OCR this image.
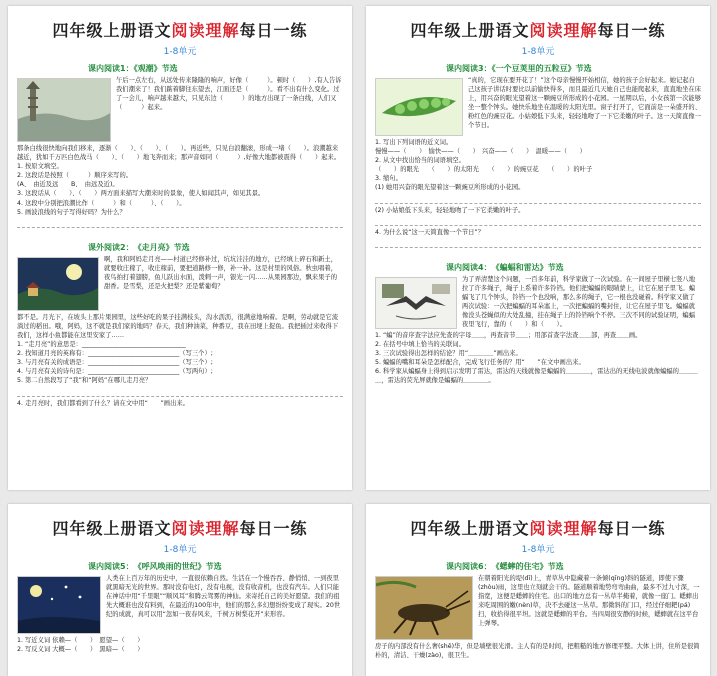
四年级上册语文阅读理解每日一练
1-8单元
课内阅读1：《观潮》节选

午后一点左右，从远处传来隆隆的响声，好像（　　　）。顿时（　　）,有人告诉我们潮来了！我们踮着脚往东望去，江面还是（　　　）。看不出有什么变化。过了一会儿，响声越来越大，只见东边（　　　）的地方出现了一条白线，人们又（　　　）起来。

那条白线很快地向我们移来，逐渐（　　）、（　　）、（　　）。再近些，只见白浪翻滚，形成一堵（　　）。浪潮越来越近，犹如千万匹白色战马（　　）、（　　）地飞奔而来；那声音如同（　　　）,好像大地都被震得（　　）起来。

1. 按原文填空。

2. 这段话是按照（　　　）顺序来写的。

(A、　由近及远　　B、　由远及近)。

3. 这段话从（　　）、（　　）两方面来描写大潮来时的景象，使人如闻其声，如见其景。

4. 这段中分别把浪潮比作（　　　）和（　　　）、（　　）。

5. 画波浪线的句子写得好吗？为什么？

课外阅读2：　《走月亮》节选

啊，我和阿妈走月亮——村道已经修补过，坑坑洼洼的地方，已经填上碎石和新土，就要收庄稼了，收庄稼前，要把道路修一修，补一补。这是村里的风俗。秋虫唱着，夜鸟拍打着翅膀，鱼儿跃出水面，泼剌一声，银光一闪……从果园那边，飘来果子的甜香。是雪梨，还是火把梨？还是紫葡萄？

都不是。月光下，在坡头上那片果园里，这些好吃的果子挂满枝头，沟水沥沥，很满意地响着。是啊，劳动就是它流淌过的稻田。哦，阿妈，这不就是我们家的地吗？春天，我们种油菜，种番豆，我在田埂上捉鱼。我把插过来收得下我们，这样小鱼都能在这里安家了……

1. “走月亮”的意思是：_________________________________

2. 找知道月亮的英称有：_____________________________（写三个）;

3. 与月亮有关的成语是：_____________________________（写三个）;

4. 与月亮有关的诗句是：_____________________________（写两句）;

5. 第二自然段写了“我”和“阿妈”在哪儿走月亮？

4. 走月亮时，我们都看到了什么？请在文中用“　　”画出来。

四年级上册语文阅读理解每日一练
1-8单元
课内阅读3：《一个豆荚里的五粒豆》节选

“真的，它现在要开花了！”这个母亲慢慢开始相信，她的孩子会好起来。她记起自己这孩子讲话时要比以前愉快得多，而且最近几天她自己也能爬起来，直直地坐在床上，用兴奋的眼光望着这一颗豌豆所形成的小花园。一星期以后，小女孩第一次能够坐一整个钟头。她快乐地坐在温暖的太阳光里。窗子打开了，它面前是一朵盛开的、粉红色的豌豆花。小姑娘低下头来，轻轻地吻了一下它柔嫩的叶子。这一天简直像一个节日。

1. 写出下列词语的近义词。

慢慢——（　　）　愉快——（　　）　兴奋——（　　）　温暖——（　　）

2. 从文中找出恰当的词语填空。

（　　）的眼光　　（　　）的太阳光　　（　　）的豌豆花　　（　　）的叶子

3. 缩句。

(1) 她用兴奋的眼光望着这一颗豌豆所形成的小花园。

(2) 小姑娘低下头来，轻轻地吻了一下它柔嫩的叶子。

4. 为什么说“这一天简直像一个节日”？

课内阅读4：　《蝙蝠和雷达》节选

为了弄清楚这个问题，一百多年前，科学家做了一次试验。在一间屋子里横七竖八地拉了许多绳子，绳子上系着许多铃铛。他们把蝙蝠的眼睛蒙上，让它在屋子里飞。蝙蝠飞了几个钟头，铃铛一个也没响，那么多的绳子，它一根也没碰着。科学家又做了两次试验：一次把蝙蝠的耳朵塞上，一次把蝙蝠的嘴封住，让它在屋子里飞。蝙蝠就像没头苍蝇似的大处乱撞，挂在绳子上的铃铛响个不停。三次不同的试验证明，蝙蝠夜里飞行，靠的（　　）和（　　）。

1. “蝙”的音序查字法应先查的字母＿＿，再查音节＿＿；用部首查字法查＿＿部，再查＿＿画。

2. 在括号中填上恰当的关联词。

3. 三次试验得出怎样的结论？用“＿＿＿＿”画出来。

5. 蝙蝠的嘴和耳朵是怎样配合，完成飞行任务的？用“　　”在文中画出来。

6. 科学家从蝙蝠身上得到启示发明了雷达，雷达的天线就像是蝙蝠的＿＿＿＿，雷达出的无线电波就像蝙蝠的＿＿＿＿，雷达的荧光屏就像是蝙蝠的＿＿＿＿。

四年级上册语文阅读理解每日一练
1-8单元
课内阅读5：　《呼风唤雨的世纪》节选

人类在上百万年的历史中，一直很依赖自然。生活在一个慢吞吞、静悄悄、一到夜里就黑暗无光的世界。那时没有电灯，没有电视，没有收音机，也没有汽车。人们只能在神话中用“千里眼”“顺风耳”和腾云驾雾的神仙。来寄托自己的美好愿望。我们的祖先大概谁也没有料到，在最近的100年中，他们的那么多幻想纷纷变成了现实。20世纪的成就，真可以用“忽如一夜春风来，千树万树梨花开”来形容。

1. 写近义词 依赖—（　　）　愿望—（　　）

2. 写反义词 大概—（　　）　黑暗—（　　）

四年级上册语文阅读理解每日一练
1-8单元
课内阅读6：　《蟋蟀的住宅》节选

在朝着阳光的堤(dī)上，青草丛中隐藏着一条倾(qīng)斜的隧道，即使下骤(zhòu)雨，这里也立刻就会干的。隧道顺着地势弯弯曲曲，最多不过九寸深，一指宽，这便是蟋蟀的住宅。出口的地方总有一丛草半掩着，就像一座门。蟋蟀出来吃周围的嫩(nèn)草，决不去碰这一丛草。那微斜的门口，经过仔细耙(pá)扫，收拾得很平坦。这就是蟋蟀的平台。当四周很安静的时候，蟋蟀就在这平台上弹琴。

房子的内部没有什么奢(shē)华，但是墙壁很光滑。主人有的是时间，把粗糙的地方修理平整。大体上讲，住所是很简朴的，清洁、干燥(zào)，很卫生。
